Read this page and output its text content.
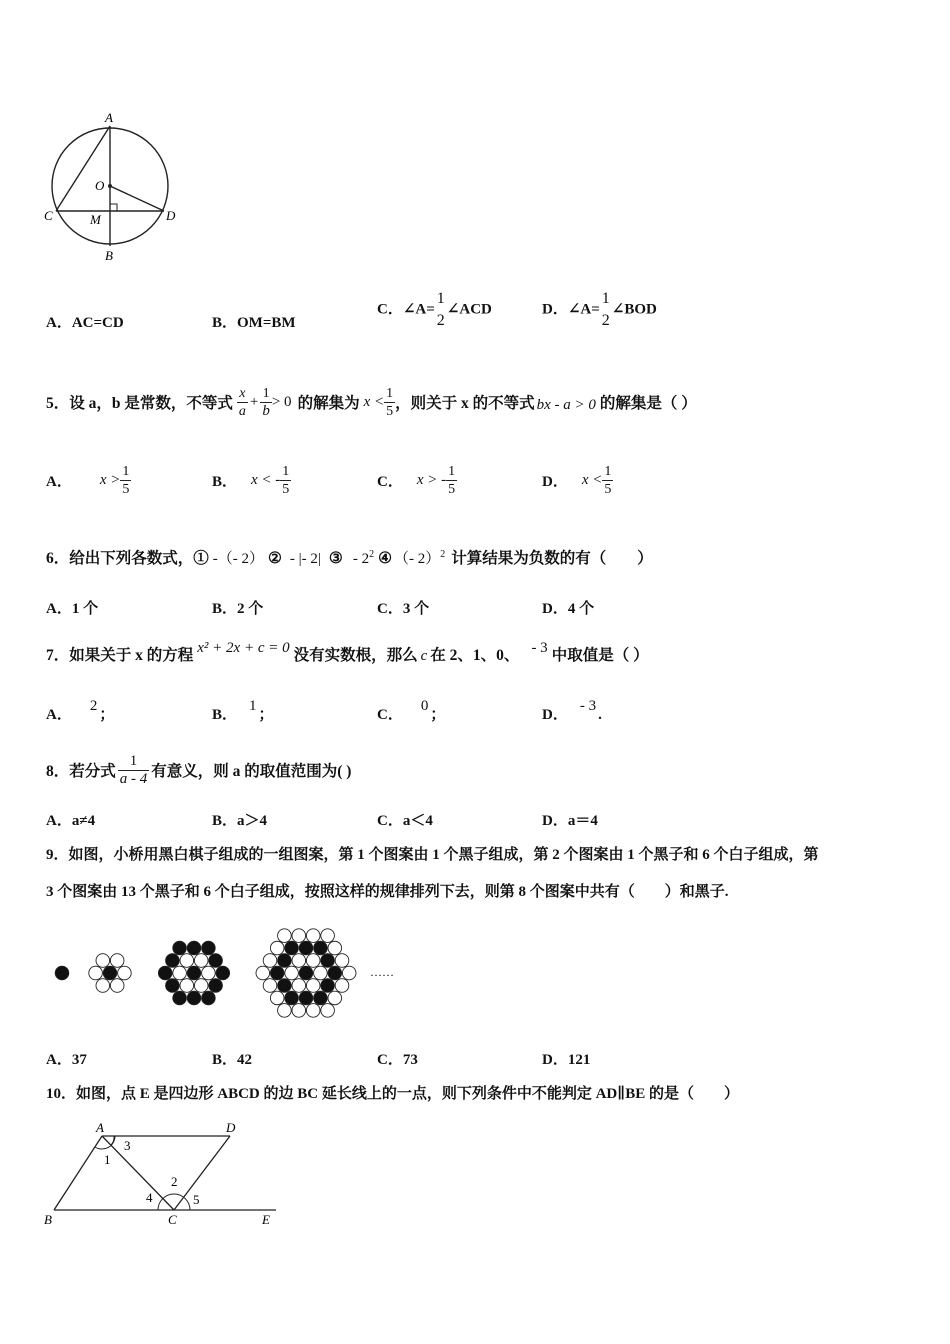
A
O
C	M	D
B
A．AC=CD	B．OM=BM
C．∠A=
1
2
∠ACD	D．∠A=
1
2
∠BOD
5．设 a，b 是常数，不等式 $\frac{x}{a} + \frac{1}{b} > 0$ 的解集为 $x < \frac{1}{5}$ ，则关于 x 的不等式 bx - a > 0 的解集是（ ）
A． $x > \frac{1}{5}$	B． x < - $\frac{1}{5}$	C． x > - $\frac{1}{5}$	D． $x < \frac{1}{5}$
6．给出下列各数式，① -（- 2） ② - |- 2| ③ - $2^2$ ④ （- 2）$^2$ 计算结果为负数的有（　　）
A．1 个	B．2 个	C．3 个	D．4 个
7．如果关于 x 的方程 x² + 2x + c = 0 没有实数根，那么 c 在 2、1、0、 - 3 中取值是（ ）
A．2；	B．1；	C．0；	D．- 3.
8．若分式 $\frac{1}{a - 4}$ 有意义，则 a 的取值范围为( )
A．a≠4	B．a＞4	C．a＜4	D．a＝4
9．如图，小桥用黑白棋子组成的一组图案，第 1 个图案由 1 个黑子组成，第 2 个图案由 1 个黑子和 6 个白子组成，第
3 个图案由 13 个黑子和 6 个白子组成，按照这样的规律排列下去，则第 8 个图案中共有（　　）和黑子.
……
A．37	B．42	C．73	D．121
10．如图，点 E 是四边形 ABCD 的边 BC 延长线上的一点，则下列条件中不能判定 AD∥BE 的是（　　）
A	D
B	C	E
1
3
2
4	5
